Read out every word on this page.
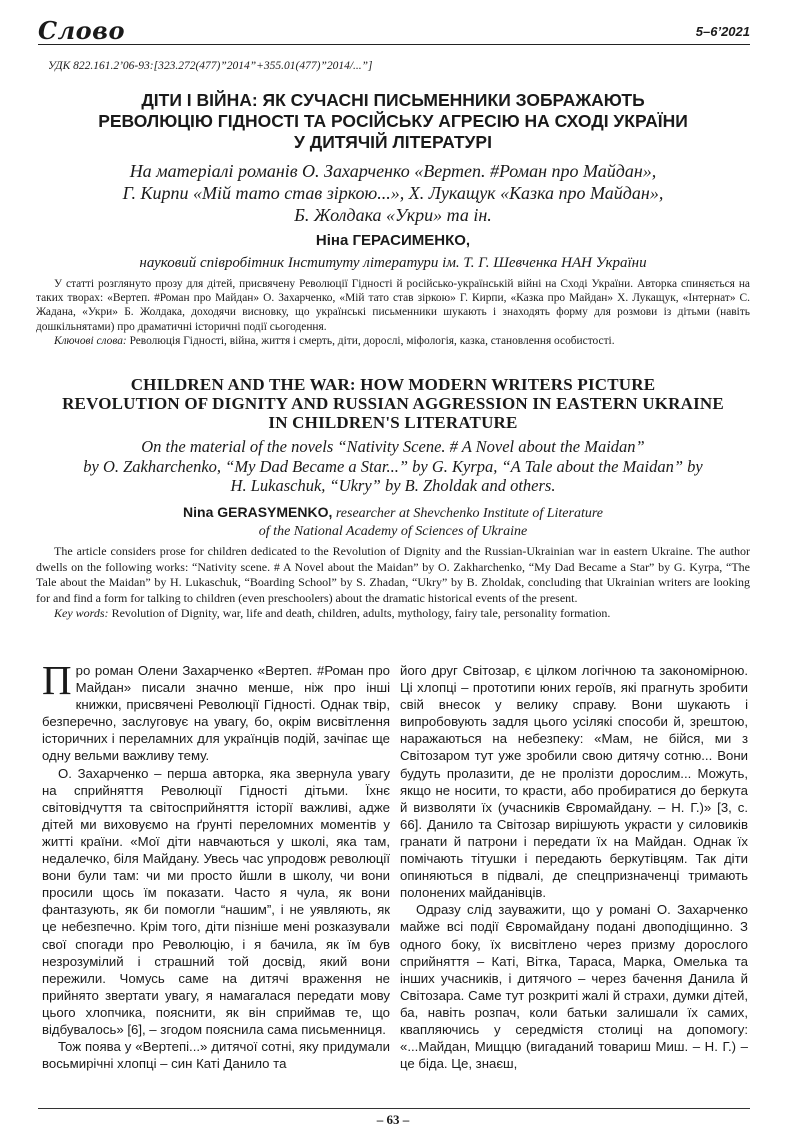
Слово	5–6’2021
УДК 822.161.2’06-93:[323.272(477)”2014”+355.01(477)”2014/...”]
ДІТИ І ВІЙНА: ЯК СУЧАСНІ ПИСЬМЕННИКИ ЗОБРАЖАЮТЬ
РЕВОЛЮЦІЮ ГІДНОСТІ ТА РОСІЙСЬКУ АГРЕСІЮ НА СХОДІ УКРАЇНИ
У ДИТЯЧІЙ ЛІТЕРАТУРІ
На матеріалі романів О. Захарченко «Вертеп. #Роман про Майдан»,
Г. Кирпи «Мій тато став зіркою...», Х. Лукащук «Казка про Майдан»,
Б. Жолдака «Укри» та ін.
Ніна ГЕРАСИМЕНКО,
науковий співробітник Інституту літератури ім. Т. Г. Шевченка НАН України

У статті розглянуто прозу для дітей, присвячену Революції Гідності й російсько-українській війні на Сході України. Авторка спиняється на таких творах: «Вертеп. #Роман про Майдан» О. Захарченко, «Мій тато став зіркою» Г. Кирпи, «Казка про Майдан» Х. Лукащук, «Інтернат» С. Жадана, «Укри» Б. Жолдака, доходячи висновку, що українські письменники шукають і знаходять форму для розмови із дітьми (навіть дошкільнятами) про драматичні історичні події сьогодення.

Ключові слова: Революція Гідності, війна, життя і смерть, діти, дорослі, міфологія, казка, становлення особистості.

CHILDREN AND THE WAR: HOW MODERN WRITERS PICTURE
REVOLUTION OF DIGNITY AND RUSSIAN AGGRESSION IN EASTERN UKRAINE
IN CHILDREN'S LITERATURE
On the material of the novels “Nativity Scene. # A Novel about the Maidan”
by O. Zakharchenko, “My Dad Became a Star...” by G. Kyrpa, “A Tale about the Maidan” by
H. Lukaschuk, “Ukry” by B. Zholdak and others.
Nina GERASYMENKO, researcher at Shevchenko Institute of Literature
of the National Academy of Sciences of Ukraine

The article considers prose for children dedicated to the Revolution of Dignity and the Russian-Ukrainian war in eastern Ukraine. The author dwells on the following works: “Nativity scene. # A Novel about the Maidan” by O. Zakharchenko, “My Dad Became a Star” by G. Kyrpa, “The Tale about the Maidan” by H. Lukaschuk, “Boarding School” by S. Zhadan, “Ukry” by B. Zholdak, concluding that Ukrainian writers are looking for and find a form for talking to children (even preschoolers) about the dramatic historical events of the present.

Key words: Revolution of Dignity, war, life and death, children, adults, mythology, fairy tale, personality formation.

Про роман Олени Захарченко «Вертеп. #Роман про Майдан» писали значно менше, ніж про інші книжки, присвячені Революції Гідності. Однак твір, безперечно, заслуговує на увагу, бо, окрім висвітлення історичних і переламних для українців подій, зачіпає ще одну вельми важливу тему.

О. Захарченко – перша авторка, яка звернула увагу на сприйняття Революції Гідності дітьми. Їхнє світовідчуття та світосприйняття історії важливі, адже дітей ми виховуємо на ґрунті переломних моментів у житті країни. «Мої діти навчаються у школі, яка там, недалечко, біля Майдану. Увесь час упродовж революції вони були там: чи ми просто йшли в школу, чи вони просили щось їм показати. Часто я чула, як вони фантазують, як би помогли “нашим”, і не уявляють, як це небезпечно. Крім того, діти пізніше мені розказували свої спогади про Революцію, і я бачила, як їм був незрозумілий і страшний той досвід, який вони пережили. Чомусь саме на дитячі враження не прийнято звертати увагу, я намагалася передати мову цього хлопчика, пояснити, як він сприймав те, що відбувалось» [6], – згодом пояснила сама письменниця.

Тож поява у «Вертепі...» дитячої сотні, яку придумали восьмирічні хлопці – син Каті Данило та

його друг Світозар, є цілком логічною та закономірною. Ці хлопці – прототипи юних героїв, які прагнуть зробити свій внесок у велику справу. Вони шукають і випробовують задля цього усілякі способи й, зрештою, наражаються на небезпеку: «Мам, не бійся, ми з Світозаром тут уже зробили свою дитячу сотню... Вони будуть пролазити, де не пролізти дорослим... Можуть, якщо не носити, то красти, або пробиратися до беркута й визволяти їх (учасників Євромайдану. – Н. Г.)» [3, с. 66]. Данило та Світозар вирішують украсти у силовиків гранати й патрони і передати їх на Майдан. Однак їх помічають тітушки і передають беркутівцям. Так діти опиняються в підвалі, де спецпризначенці тримають полонених майданівців.

Одразу слід зауважити, що у романі О. Захарченко майже всі події Євромайдану подані двоподіщинно. З одного боку, їх висвітлено через призму дорослого сприйняття – Каті, Вітка, Тараса, Марка, Омелька та інших учасників, і дитячого – через бачення Данила й Світозара. Саме тут розкриті жалі й страхи, думки дітей, ба, навіть розпач, коли батьки залишали їх самих, квапляючись у середмістя столиці на допомогу: «...Майдан, Мищцю (вигаданий товариш Миш. – Н. Г.) – це біда. Це, знаєш,

– 63 –
